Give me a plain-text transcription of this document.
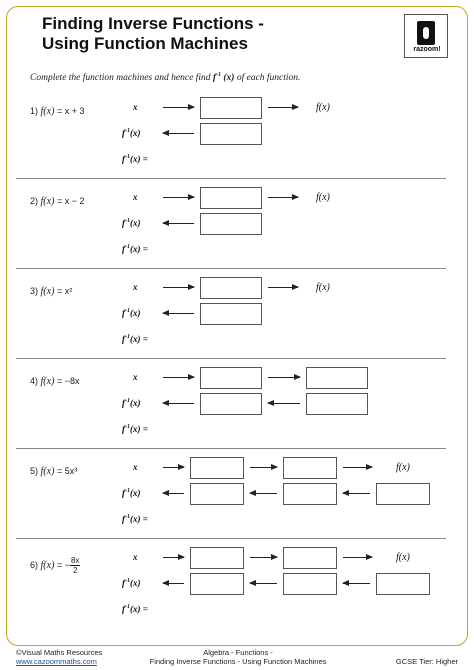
Finding Inverse Functions -
Using Function Machines	razoom!
Complete the function machines and hence find $f^{-1}$ (x) of each function.
1) f(x) = x + 3	x
$f^{-1}(x)$
$f^{-1}(x)$ =
f(x)
2) f(x) = x − 2	x
$f^{-1}(x)$
$f^{-1}(x)$ =
f(x)
3) f(x) = x²	x
$f^{-1}(x)$
$f^{-1}(x)$ =
f(x)
4) f(x) = −8x	x
$f^{-1}(x)$
$f^{-1}(x)$ =
5) f(x) = 5x³	x
$f^{-1}(x)$
$f^{-1}(x)$ =
f(x)
6) f(x) = − $\frac{8x}{2}$	x
$f^{-1}(x)$
$f^{-1}(x)$ =
f(x)
©Visual Maths Resources
www.cazoommaths.com
Algebra - Functions -
Finding Inverse Functions - Using Function Machines	GCSE Tier: Higher
